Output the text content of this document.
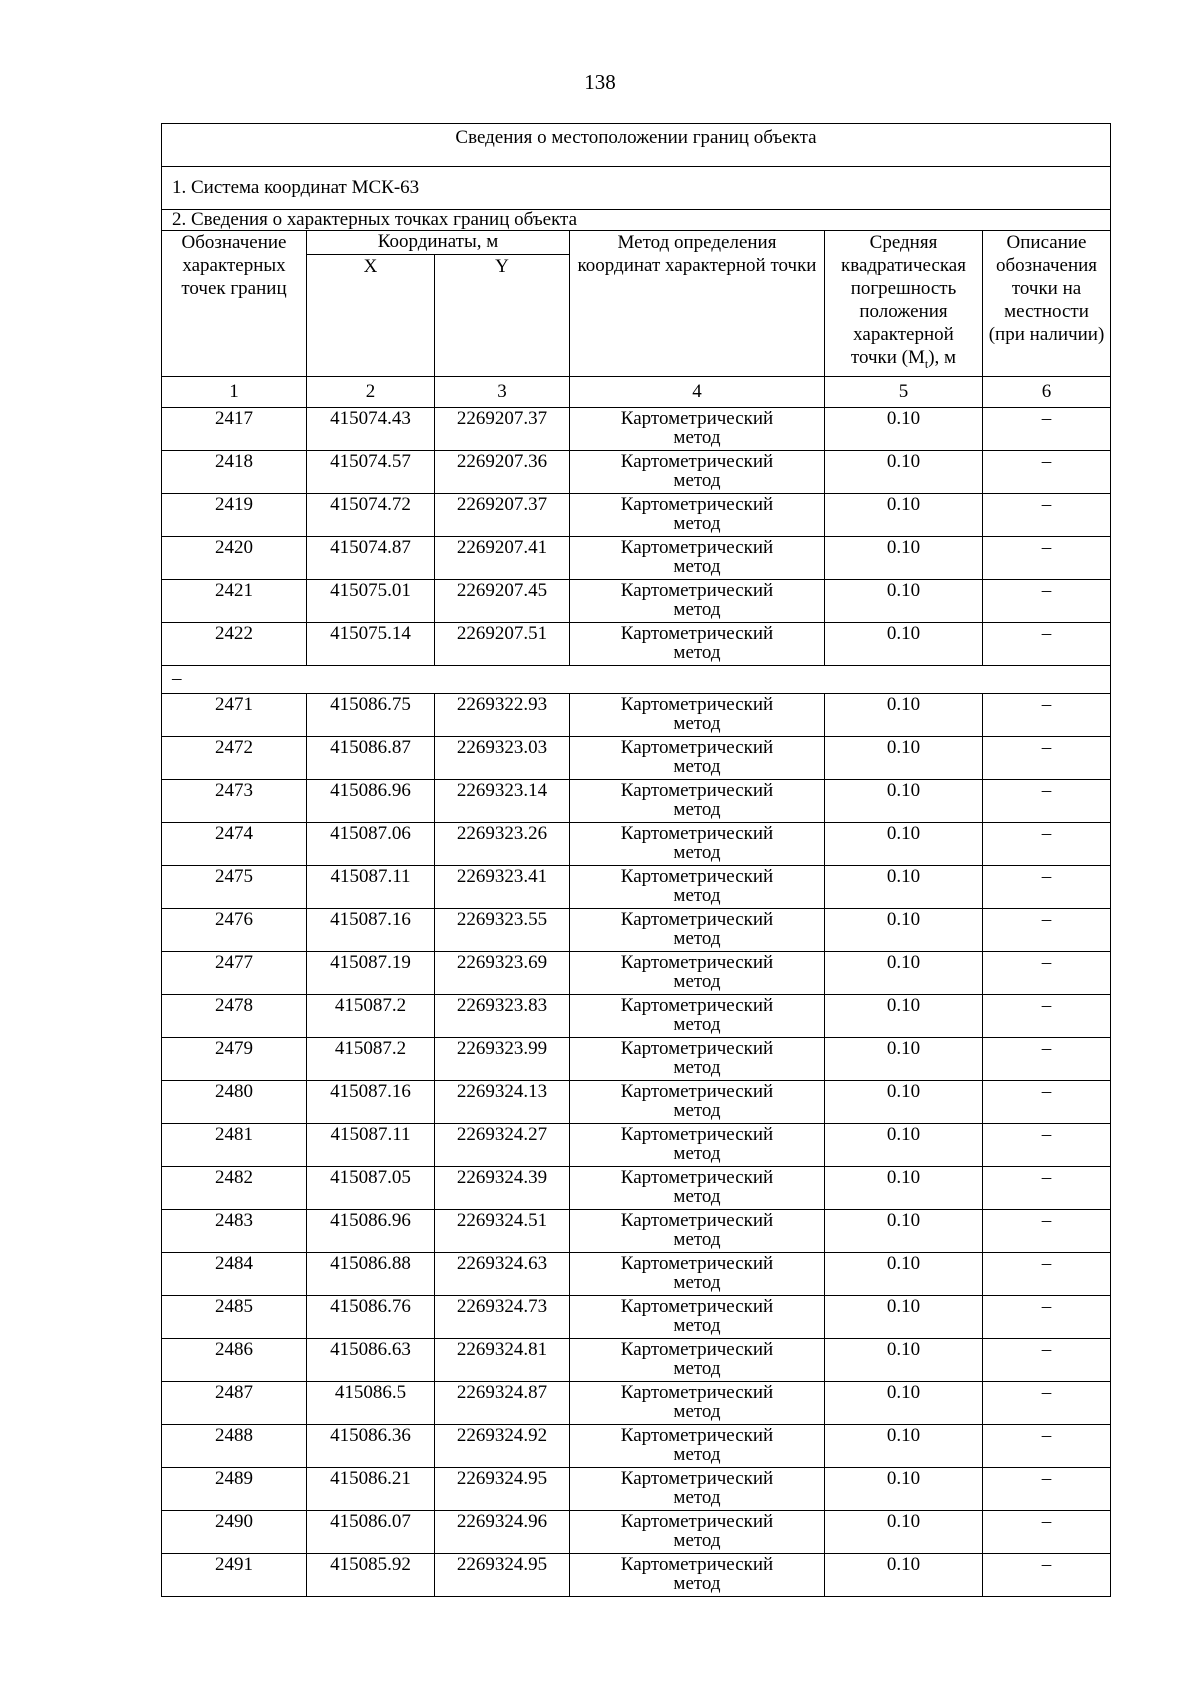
138
Сведения о местоположении границ объекта					
1. Система координат МСК-63					
2. Сведения о характерных точках границ объекта					

Обозначение характерных точек границ	Координаты, м		Метод определения координат характерной точки	Средняя квадратическая погрешность положения характерной точки $(M_t)$, м	Описание обозначения точки на местности (при наличии)

	X	Y			
1	2	3	4	5	6
2417	415074.43	2269207.37	Картометрический метод	0.10	–
2418	415074.57	2269207.36	Картометрический метод	0.10	–
2419	415074.72	2269207.37	Картометрический метод	0.10	–
2420	415074.87	2269207.41	Картометрический метод	0.10	–
2421	415075.01	2269207.45	Картометрический метод	0.10	–
2422	415075.14	2269207.51	Картометрический метод	0.10	–
–					
2471	415086.75	2269322.93	Картометрический метод	0.10	–
2472	415086.87	2269323.03	Картометрический метод	0.10	–
2473	415086.96	2269323.14	Картометрический метод	0.10	–
2474	415087.06	2269323.26	Картометрический метод	0.10	–
2475	415087.11	2269323.41	Картометрический метод	0.10	–
2476	415087.16	2269323.55	Картометрический метод	0.10	–
2477	415087.19	2269323.69	Картометрический метод	0.10	–
2478	415087.2	2269323.83	Картометрический метод	0.10	–
2479	415087.2	2269323.99	Картометрический метод	0.10	–
2480	415087.16	2269324.13	Картометрический метод	0.10	–
2481	415087.11	2269324.27	Картометрический метод	0.10	–
2482	415087.05	2269324.39	Картометрический метод	0.10	–
2483	415086.96	2269324.51	Картометрический метод	0.10	–
2484	415086.88	2269324.63	Картометрический метод	0.10	–
2485	415086.76	2269324.73	Картометрический метод	0.10	–
2486	415086.63	2269324.81	Картометрический метод	0.10	–
2487	415086.5	2269324.87	Картометрический метод	0.10	–
2488	415086.36	2269324.92	Картометрический метод	0.10	–
2489	415086.21	2269324.95	Картометрический метод	0.10	–
2490	415086.07	2269324.96	Картометрический метод	0.10	–
2491	415085.92	2269324.95	Картометрический метод	0.10	–
